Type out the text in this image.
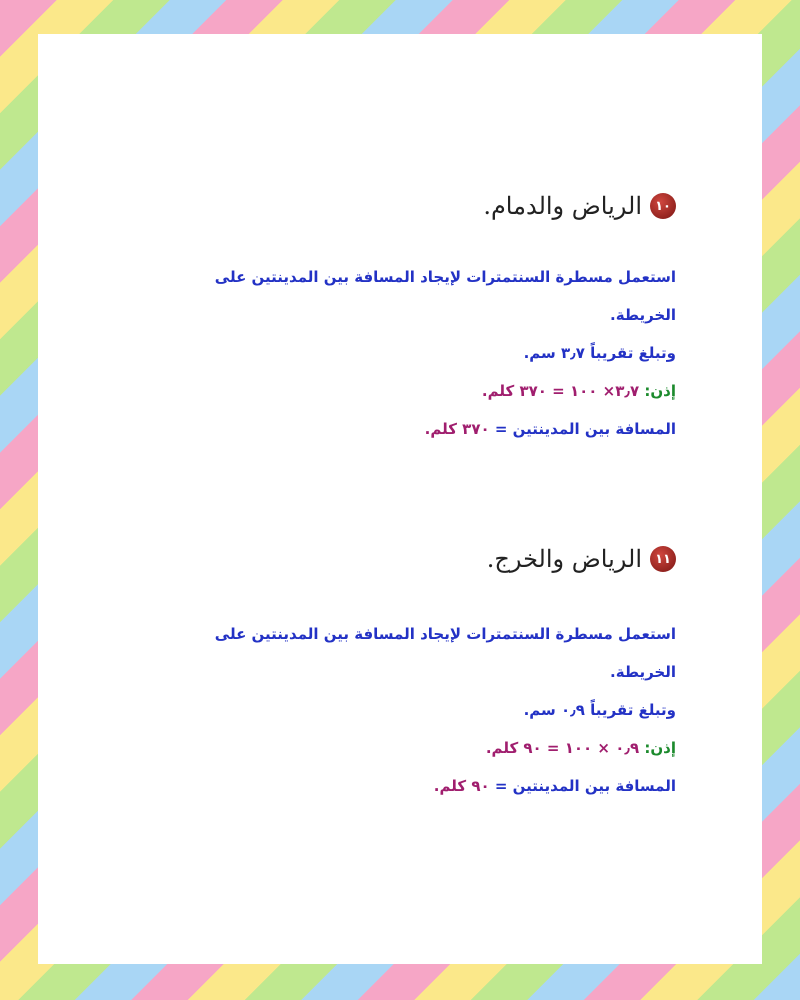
١٠
الرياض والدمام.
استعمل مسطرة السنتمترات لإيجاد المسافة بين المدينتين على الخريطة.
وتبلغ تقريباً ٣٫٧ سم.
إذن: ٣٫٧× ١٠٠ = ٣٧٠ كلم.
المسافة بين المدينتين = ٣٧٠ كلم.
١١
الرياض والخرج.
استعمل مسطرة السنتمترات لإيجاد المسافة بين المدينتين على الخريطة.
وتبلغ تقريباً ٠٫٩ سم.
إذن: ٠٫٩ × ١٠٠ = ٩٠ كلم.
المسافة بين المدينتين = ٩٠ كلم.
